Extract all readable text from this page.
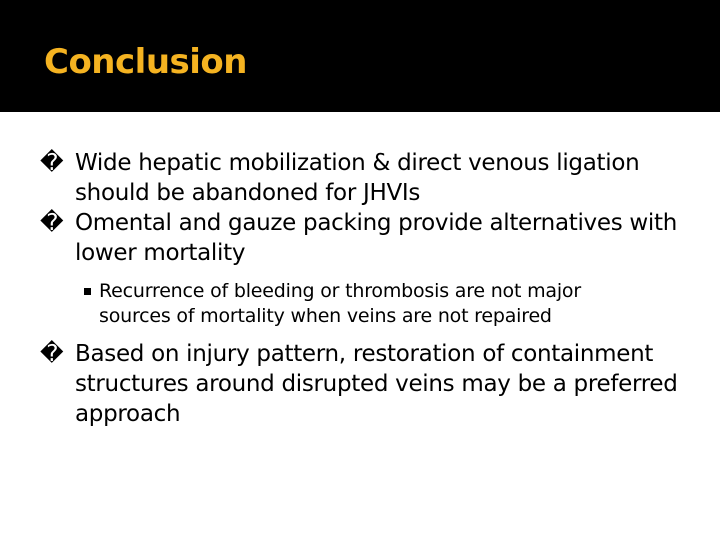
Conclusion

� Wide hepatic mobilization & direct venous ligation should be abandoned for JHVIs

� Omental and gauze packing provide alternatives with lower mortality

Recurrence of bleeding or thrombosis are not major sources of mortality when veins are not repaired

� Based on injury pattern, restoration of containment structures around disrupted veins may be a preferred approach
